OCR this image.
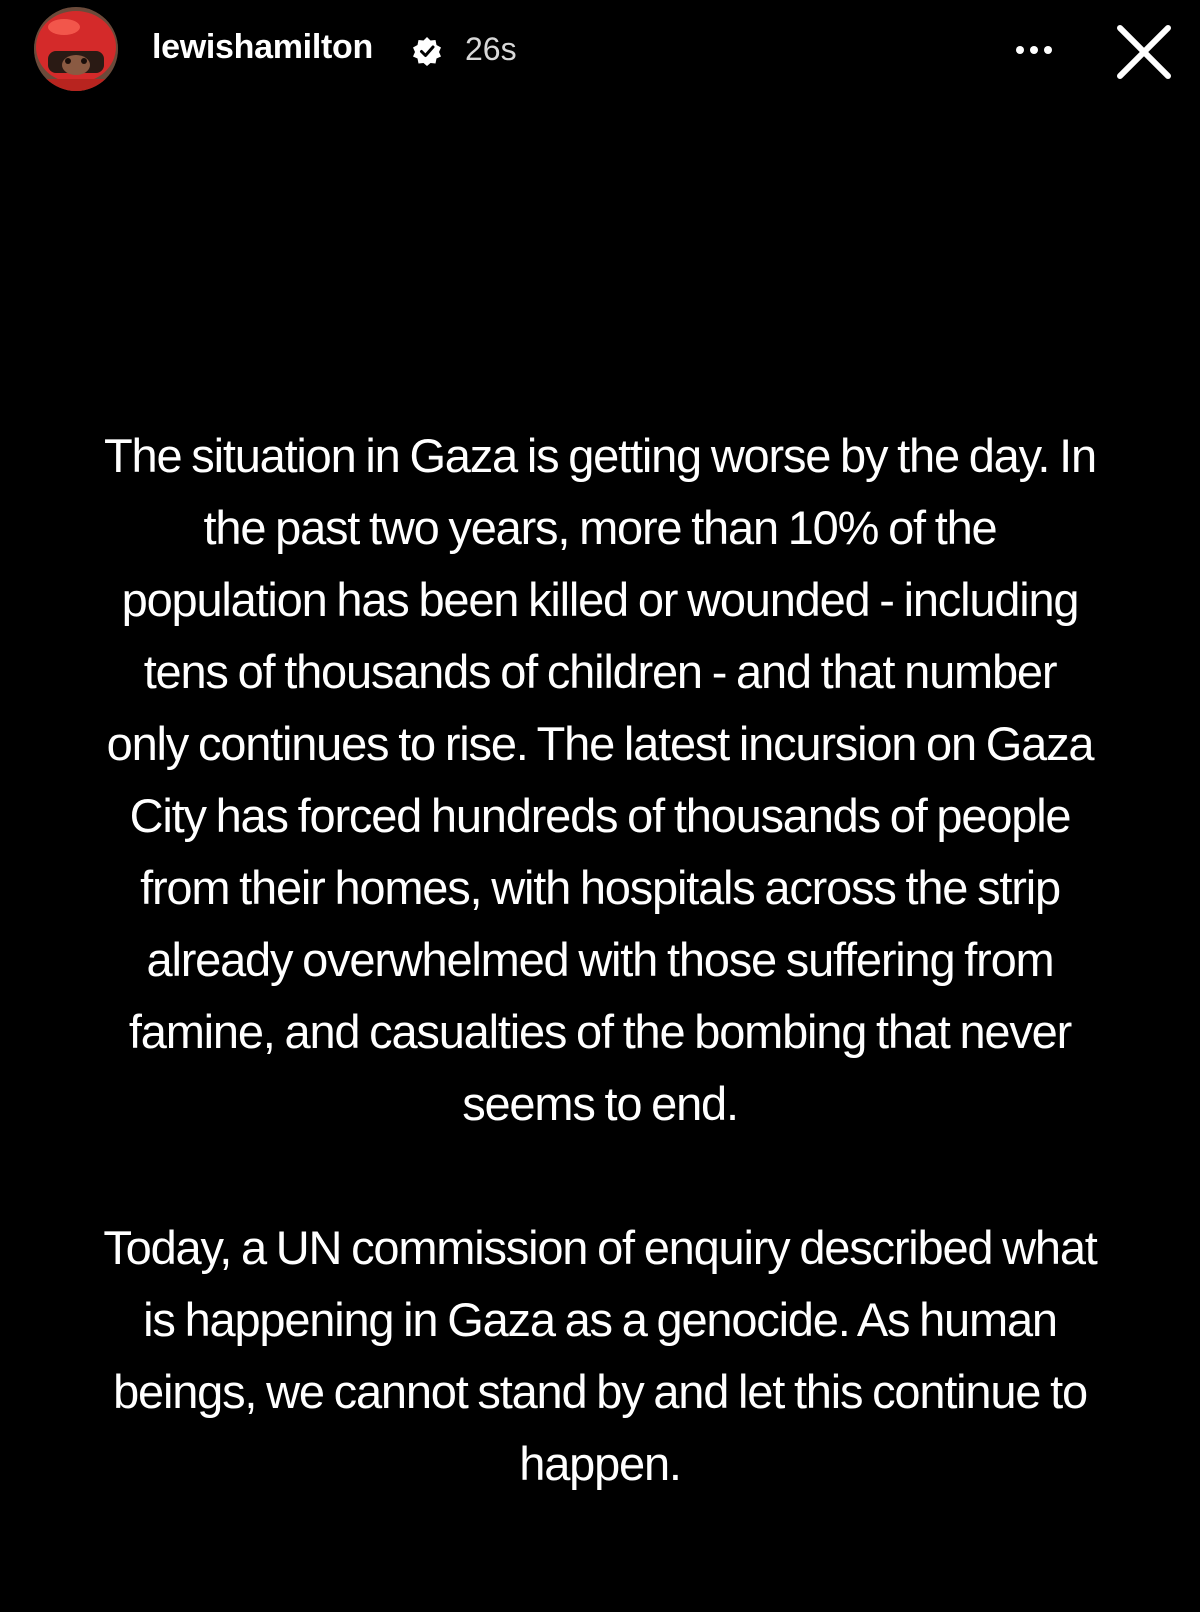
lewishamilton	26s

The situation in Gaza is getting worse by the day. In the past two years, more than 10% of the population has been killed or wounded - including tens of thousands of children - and that number only continues to rise. The latest incursion on Gaza City has forced hundreds of thousands of people from their homes, with hospitals across the strip already overwhelmed with those suffering from famine, and casualties of the bombing that never seems to end.

Today, a UN commission of enquiry described what is happening in Gaza as a genocide. As human beings, we cannot stand by and let this continue to happen.
